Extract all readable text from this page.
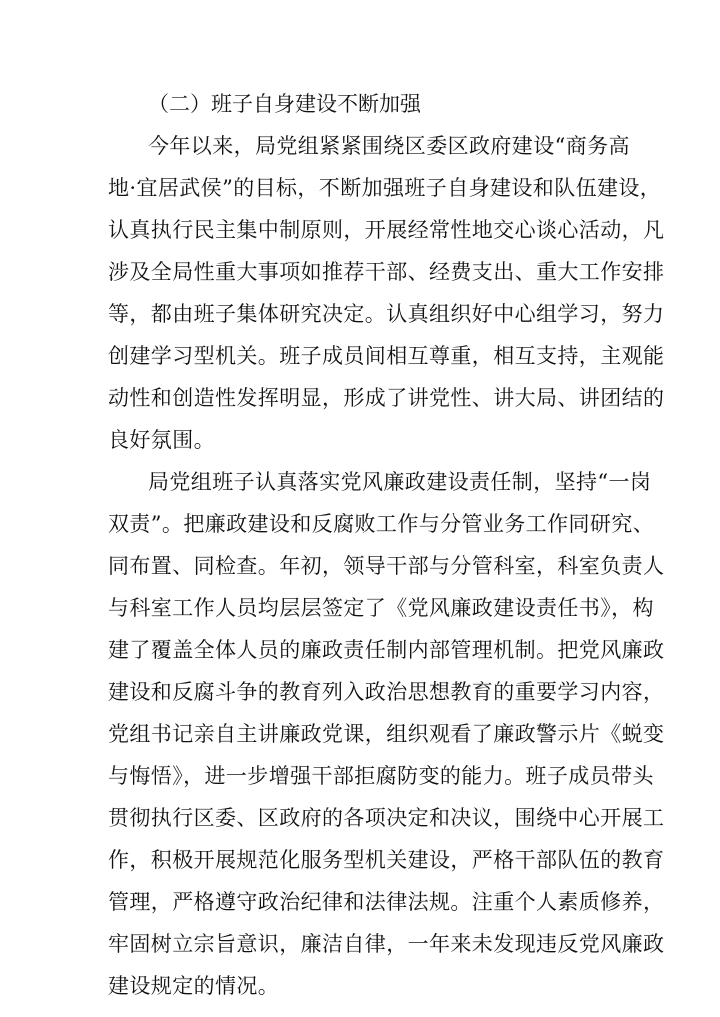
（二）班子自身建设不断加强
今年以来，局党组紧紧围绕区委区政府建设“商务高
地·宜居武侯”的目标，不断加强班子自身建设和队伍建设，
认真执行民主集中制原则，开展经常性地交心谈心活动，凡
涉及全局性重大事项如推荐干部、经费支出、重大工作安排
等，都由班子集体研究决定。认真组织好中心组学习，努力
创建学习型机关。班子成员间相互尊重，相互支持，主观能
动性和创造性发挥明显，形成了讲党性、讲大局、讲团结的
良好氛围。
局党组班子认真落实党风廉政建设责任制，坚持“一岗
双责”。把廉政建设和反腐败工作与分管业务工作同研究、
同布置、同检查。年初，领导干部与分管科室，科室负责人
与科室工作人员均层层签定了《党风廉政建设责任书》，构
建了覆盖全体人员的廉政责任制内部管理机制。把党风廉政
建设和反腐斗争的教育列入政治思想教育的重要学习内容，
党组书记亲自主讲廉政党课，组织观看了廉政警示片《蜕变
与悔悟》，进一步增强干部拒腐防变的能力。班子成员带头
贯彻执行区委、区政府的各项决定和决议，围绕中心开展工
作，积极开展规范化服务型机关建设，严格干部队伍的教育
管理，严格遵守政治纪律和法律法规。注重个人素质修养，
牢固树立宗旨意识，廉洁自律，一年来未发现违反党风廉政
建设规定的情况。
